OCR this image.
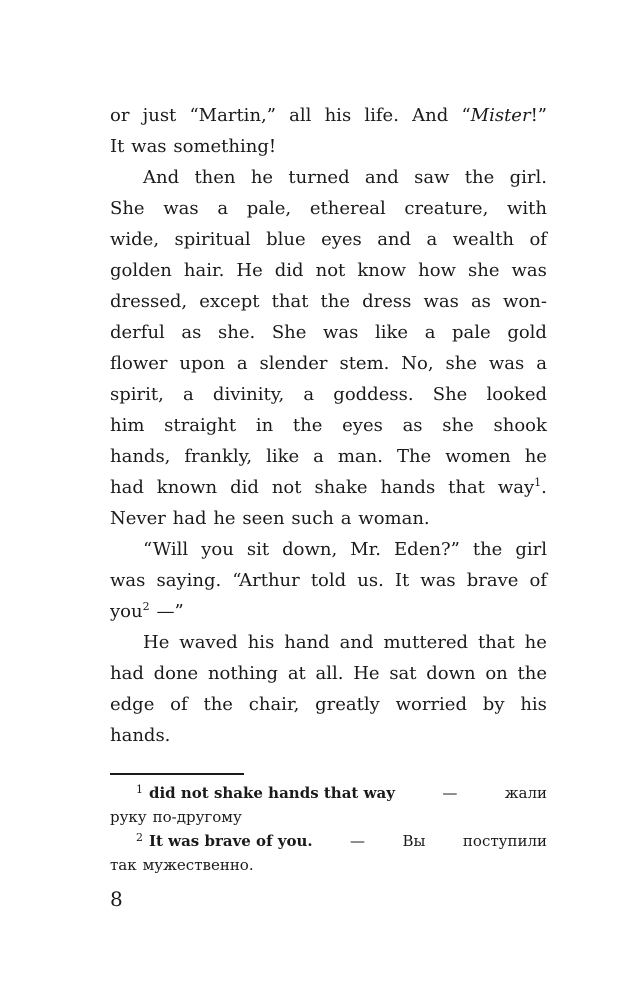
or just “Martin,” all his life. And “Mister!”
It was something!
And then he turned and saw the girl.
She was a pale, ethereal creature, with
wide, spiritual blue eyes and a wealth of
golden hair. He did not know how she was
dressed, except that the dress was as won-
derful as she. She was like a pale gold
flower upon a slender stem. No, she was a
spirit, a divinity, a goddess. She looked
him straight in the eyes as she shook
hands, frankly, like a man. The women he
had known did not shake hands that way$^1$.
Never had he seen such a woman.
“Will you sit down, Mr. Eden?” the girl
was saying. “Arthur told us. It was brave of
you$^2$ —”
He waved his hand and muttered that he
had done nothing at all. He sat down on the
edge of the chair, greatly worried by his
hands.
$^1$ did not shake hands that way	—	жали
руку по-другому
$^2$ It was brave of you. — Вы поступили
так мужественно.
8
